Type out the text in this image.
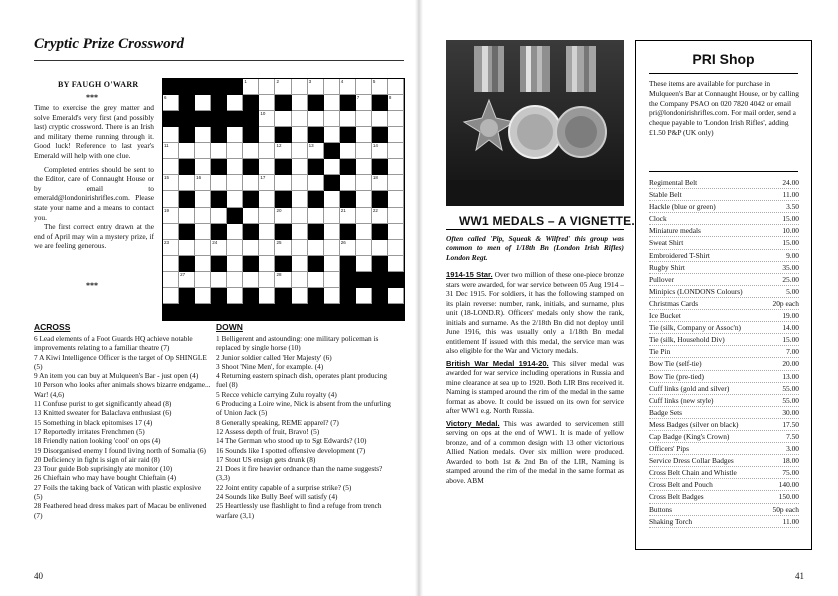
Cryptic Prize Crossword
BY FAUGH O'WARR
***

Time to exercise the grey matter and solve Emerald's very first (and possibly last) cryptic crossword. There is an Irish and military theme running through it. Good luck! Reference to last year's Emerald will help with one clue.

Completed entries should be sent to the Editor, care of Connaught House or by email to emerald@londonirishrifles.com. Please state your name and a means to contact you.

The first correct entry drawn at the end of April may win a mystery prize, if we are feeling generous.

***
1	2	3	4	5
6	7	8
10
11	12	13	14
15	16	17	18
19	20	21	22
23	24	25	26
27	28
ACROSS	DOWN
6 Lead elements of a Foot Guards HQ achieve notable improvements relating to a familiar theatre (7)
7 A Kiwi Intelligence Officer is the target of Op SHINGLE (5)
9 An item you can buy at Mulqueen's Bar - just open (4)
10 Person who looks after animals shows bizarre endgame... War! (4,6)
11 Confuse purist to get significantly ahead (8)
13 Knitted sweater for Balaclava enthusiast (6)
15 Something in black epitomises 17 (4)
17 Reportedly irritates Frenchmen (5)
18 Friendly nation looking 'cool' on ops (4)
19 Disorganised enemy I found living north of Somalia (6)
20 Deficiency in fight is sign of air raid (8)
23 Tour guide Bob suprisingly ate monitor (10)
26 Chieftain who may have bought Chieftain (4)
27 Foils the taking back of Vatican with plastic explosive (5)
28 Feathered head dress makes part of Macau be enlivened (7)
1 Belligerent and astounding: one military policeman is replaced by single horse (10)
2 Junior soldier called 'Her Majesty' (6)
3 Shoot 'Nine Men', for example. (4)
4 Returning eastern spinach dish, operates plant producing fuel (8)
5 Recce vehicle carrying Zulu royalty (4)
6 Producing a Loire wine, Nick is absent from the unfurling of Union Jack (5)
8 Generally speaking, REME apparel? (7)
12 Assess depth of fruit, Bravo! (5)
14 The German who stood up to Sgt Edwards? (10)
16 Sounds like I spotted offensive development (7)
17 Stout US ensign gets drunk (8)
21 Does it fire heavier ordnance than the name suggests? (3,3)
22 Joint entity capable of a surprise strike? (5)
24 Sounds like Bully Beef will satisfy (4)
25 Heartlessly use flashlight to find a refuge from trench warfare (3,1)
40
WW1 MEDALS – A VIGNETTE.
Often called 'Pip, Squeak & Wilfred' this group was common to men of 1/18th Bn (London Irish Rifles) London Regt.

1914-15 Star. Over two million of these one-piece bronze stars were awarded, for war service between 05 Aug 1914 – 31 Dec 1915. For soldiers, it has the following stamped on its plain reverse: number, rank, initials, and surname, plus unit (18-LOND.R). Officers' medals only show the rank, initials and surname. As the 2/18th Bn did not deploy until June 1916, this was usually only a 1/18th Bn medal entitlement If issued with this medal, the service man was also eligible for the War and Victory medals.

British War Medal 1914-20. This silver medal was awarded for war service including operations in Russia and mine clearance at sea up to 1920. Both LIR Bns received it. Naming is stamped around the rim of the medal in the same format as above. It could be issued on its own for service after WW1 e.g. North Russia.

Victory Medal. This was awarded to servicemen still serving on ops at the end of WW1. It is made of yellow bronze, and of a common design with 13 other victorious Allied Nation medals. Over six million were produced. Awarded to both 1st & 2nd Bn of the LIR, Naming is stamped around the rim of the medal in the same format as above. ABM

PRI Shop
These items are available for purchase in Mulqueen's Bar at Connaught House, or by calling the Company PSAO on 020 7820 4042 or email pri@londonirishrifles.com. For mail order, send a cheque payable to 'London Irish Rifles', adding £1.50 P&P (UK only)
Regimental Belt	24.00
Stable Belt	11.00
Hackle (blue or green)	3.50
Clock	15.00
Miniature medals	10.00
Sweat Shirt	15.00
Embroidered T-Shirt	9.00
Rugby Shirt	35.00
Pullover	25.00
Minipics (LONDONS Colours)	5.00
Christmas Cards	20p each
Ice Bucket	19.00
Tie (silk, Company or Assoc'n)	14.00
Tie (silk, Household Div)	15.00
Tie Pin	7.00
Bow Tie (self-tie)	20.00
Bow Tie (pre-tied)	13.00
Cuff links (gold and silver)	55.00
Cuff links (new style)	55.00
Badge Sets	30.00
Mess Badges (silver on black)	17.50
Cap Badge (King's Crown)	7.50
Officers' Pips	3.00
Service Dress Collar Badges	18.00
Cross Belt Chain and Whistle	75.00
Cross Belt and Pouch	140.00
Cross Belt Badges	150.00
Buttons	50p each
Shaking Torch	11.00
41
